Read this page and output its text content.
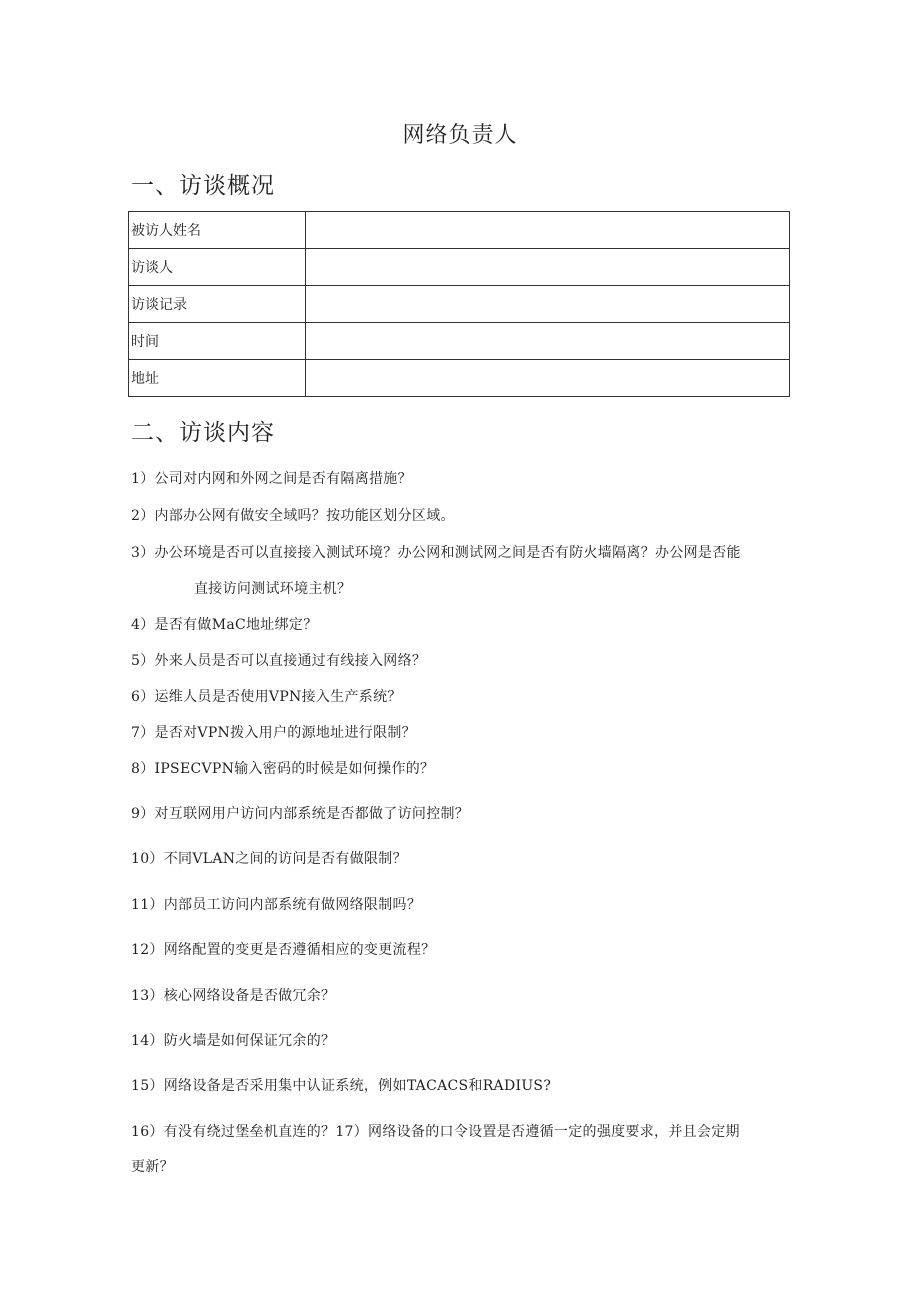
网络负责人
一、访谈概况
被访人姓名	
访谈人	
访谈记录	
时间	
地址	
二、访谈内容
1）公司对内网和外网之间是否有隔离措施？
2）内部办公网有做安全域吗？按功能区划分区域。
3）办公环境是否可以直接接入测试环境？办公网和测试网之间是否有防火墙隔离？办公网是否能
直接访问测试环境主机？
4）是否有做MaC地址绑定？
5）外来人员是否可以直接通过有线接入网络？
6）运维人员是否使用VPN接入生产系统？
7）是否对VPN拨入用户的源地址进行限制？
8）IPSECVPN输入密码的时候是如何操作的？
9）对互联网用户访问内部系统是否都做了访问控制？
10）不同VLAN之间的访问是否有做限制？
11）内部员工访问内部系统有做网络限制吗？
12）网络配置的变更是否遵循相应的变更流程？
13）核心网络设备是否做冗余？
14）防火墙是如何保证冗余的？
15）网络设备是否采用集中认证系统，例如TACACS和RADIUS?
16）有没有绕过堡垒机直连的？17）网络设备的口令设置是否遵循一定的强度要求，并且会定期
更新？
